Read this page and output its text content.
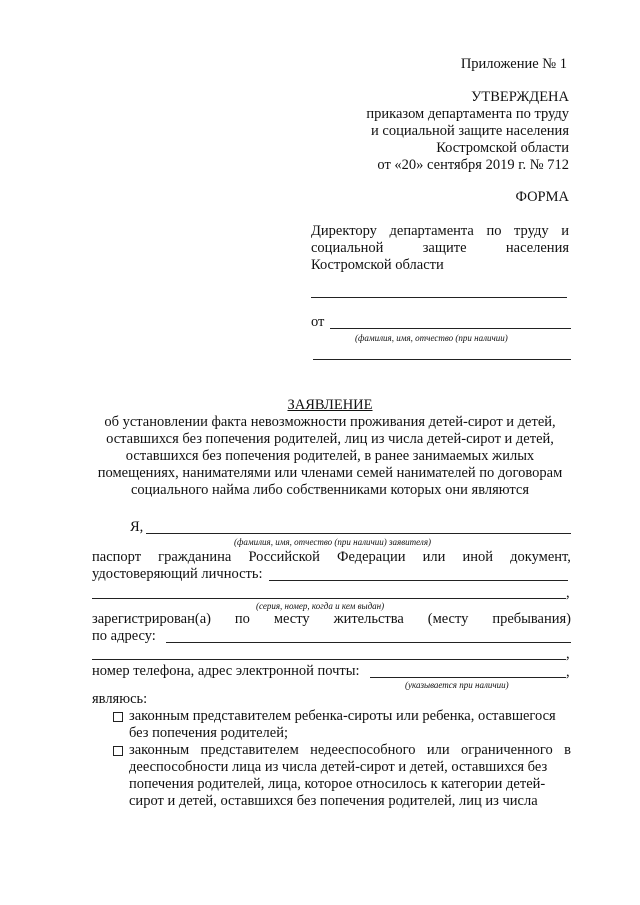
Приложение № 1
УТВЕРЖДЕНА
приказом департамента по труду
и социальной защите населения
Костромской области
от «20» сентября 2019 г. № 712
ФОРМА
Директору департамента по труду и
социальной	защите	населения
Костромской области
от
(фамилия, имя, отчество (при наличии)
ЗАЯВЛЕНИЕ
об установлении факта невозможности проживания детей-сирот и детей,
оставшихся без попечения родителей, лиц из числа детей-сирот и детей,
оставшихся без попечения родителей, в ранее занимаемых жилых
помещениях, нанимателями или членами семей нанимателей по договорам
социального найма либо собственниками которых они являются
Я,
(фамилия, имя, отчество (при наличии) заявителя)
паспорт гражданина Российской Федерации или иной документ,
удостоверяющий личность:
,
(серия, номер, когда и кем выдан)
зарегистрирован(а) по месту жительства (месту пребывания)
по адресу:
,
номер телефона, адрес электронной почты:	,
(указывается при наличии)
являюсь:
законным представителем ребенка-сироты или ребенка, оставшегося
без попечения родителей;
законным представителем недееспособного или ограниченного в
дееспособности лица из числа детей-сирот и детей, оставшихся без
попечения родителей, лица, которое относилось к категории детей-
сирот и детей, оставшихся без попечения родителей, лиц из числа
